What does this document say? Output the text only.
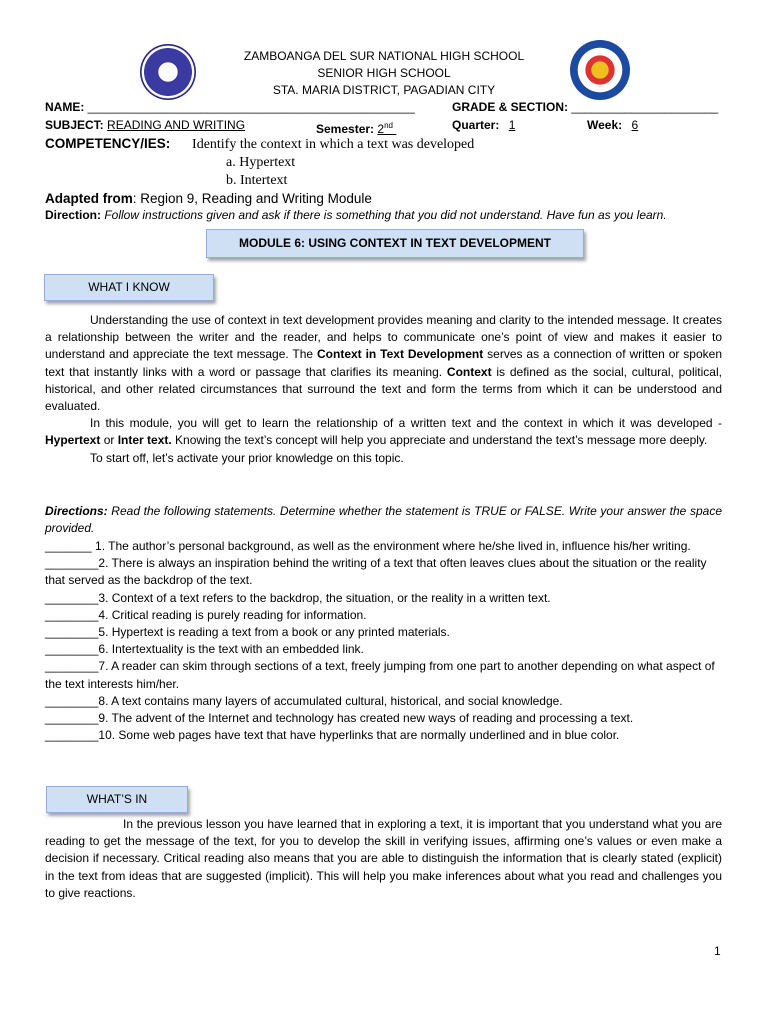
ZAMBOANGA DEL SUR NATIONAL HIGH SCHOOL
SENIOR HIGH SCHOOL
STA. MARIA DISTRICT, PAGADIAN CITY
NAME: _________________________________________________	GRADE & SECTION: ______________________
SUBJECT: READING AND WRITING	Semester: 2nd	Quarter: 1	Week: 6
COMPETENCY/IES: Identify the context in which a text was developed
a. Hypertext
b. Intertext
Adapted from: Region 9, Reading and Writing Module
Direction: Follow instructions given and ask if there is something that you did not understand. Have fun as you learn.
MODULE 6: USING CONTEXT IN TEXT DEVELOPMENT
WHAT I KNOW

Understanding the use of context in text development provides meaning and clarity to the intended message. It creates a relationship between the writer and the reader, and helps to communicate one’s point of view and makes it easier to understand and appreciate the text message. The Context in Text Development serves as a connection of written or spoken text that instantly links with a word or passage that clarifies its meaning. Context is defined as the social, cultural, political, historical, and other related circumstances that surround the text and form the terms from which it can be understood and evaluated.

In this module, you will get to learn the relationship of a written text and the context in which it was developed - Hypertext or Inter text. Knowing the text’s concept will help you appreciate and understand the text’s message more deeply.

To start off, let’s activate your prior knowledge on this topic.

Directions: Read the following statements. Determine whether the statement is TRUE or FALSE. Write your answer the space provided.

_______ 1. The author’s personal background, as well as the environment where he/she lived in, influence his/her writing.
________2. There is always an inspiration behind the writing of a text that often leaves clues about the situation or the reality that served as the backdrop of the text.
________3. Context of a text refers to the backdrop, the situation, or the reality in a written text.
________4. Critical reading is purely reading for information.
________5. Hypertext is reading a text from a book or any printed materials.
________6. Intertextuality is the text with an embedded link.
________7. A reader can skim through sections of a text, freely jumping from one part to another depending on what aspect of the text interests him/her.
________8. A text contains many layers of accumulated cultural, historical, and social knowledge.
________9. The advent of the Internet and technology has created new ways of reading and processing a text.
________10. Some web pages have text that have hyperlinks that are normally underlined and in blue color.
WHAT’S IN

In the previous lesson you have learned that in exploring a text, it is important that you understand what you are reading to get the message of the text, for you to develop the skill in verifying issues, affirming one’s values or even make a decision if necessary. Critical reading also means that you are able to distinguish the information that is clearly stated (explicit) in the text from ideas that are suggested (implicit). This will help you make inferences about what you read and challenges you to give reactions.

1
